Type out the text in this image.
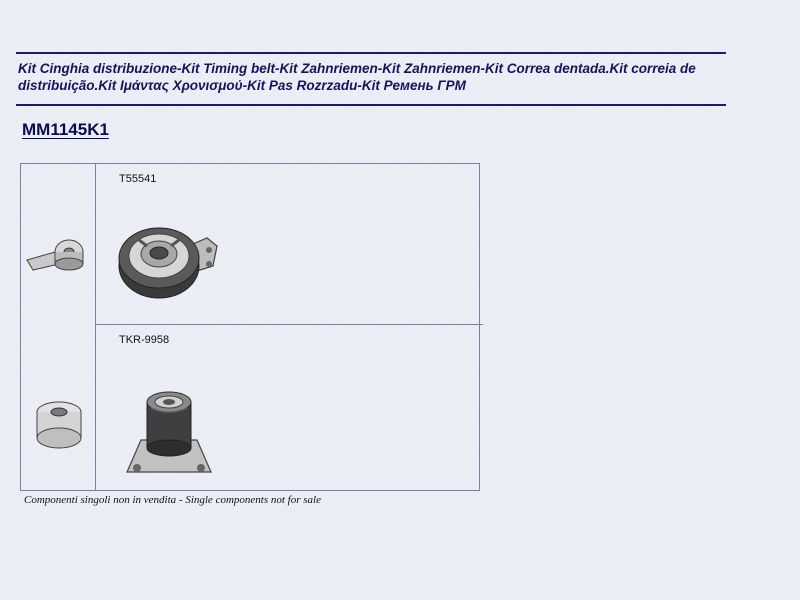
Kit Cinghia distribuzione-Kit Timing belt-Kit Zahnriemen-Kit Zahnriemen-Kit Correa dentada.Kit correia de distribuição.Kit Ιμάντας Χρονισμού-Kit Pas Rozrzadu-Kit Ремень ГРМ
MM1145K1
T55541
TKR-9958
Componenti singoli non in vendita - Single components not for sale
